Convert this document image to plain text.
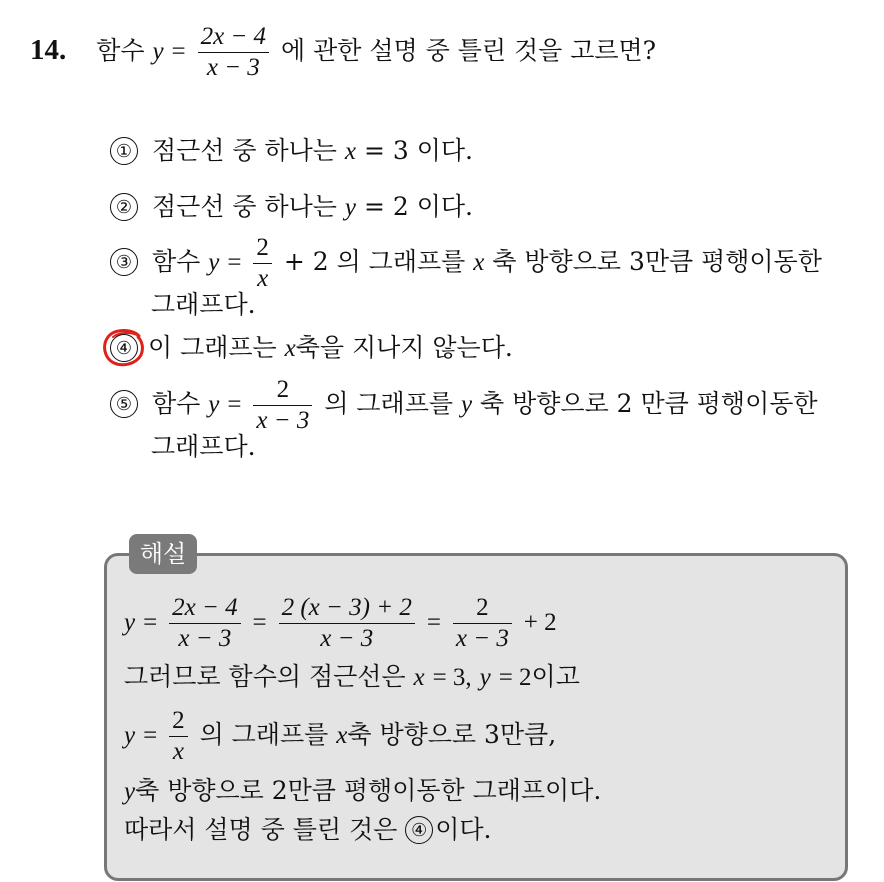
14. 함수 $y = \frac{2x - 4}{x - 3}$ 에 관한 설명 중 틀린 것을 고르면?
① 점근선 중 하나는 x = 3 이다.
② 점근선 중 하나는 y = 2 이다.
③ 함수 $y = \frac{2}{x} + 2$ 의 그래프를 x 축 방향으로 3만큼 평행이동한
그래프다.
④ 이 그래프는 x축을 지나지 않는다.
⑤ 함수 $y = \frac{2}{x - 3}$ 의 그래프를 y 축 방향으로 2 만큼 평행이동한
그래프다.
해설
$y = \frac{2x - 4}{x - 3} = \frac{2 (x - 3) + 2}{x - 3} = \frac{2}{x - 3} + 2$
그러므로 함수의 점근선은 x = 3, y = 2이고
$y = \frac{2}{x}$ 의 그래프를 x축 방향으로 3만큼,
y축 방향으로 2만큼 평행이동한 그래프이다.
따라서 설명 중 틀린 것은 ④ 이다.
